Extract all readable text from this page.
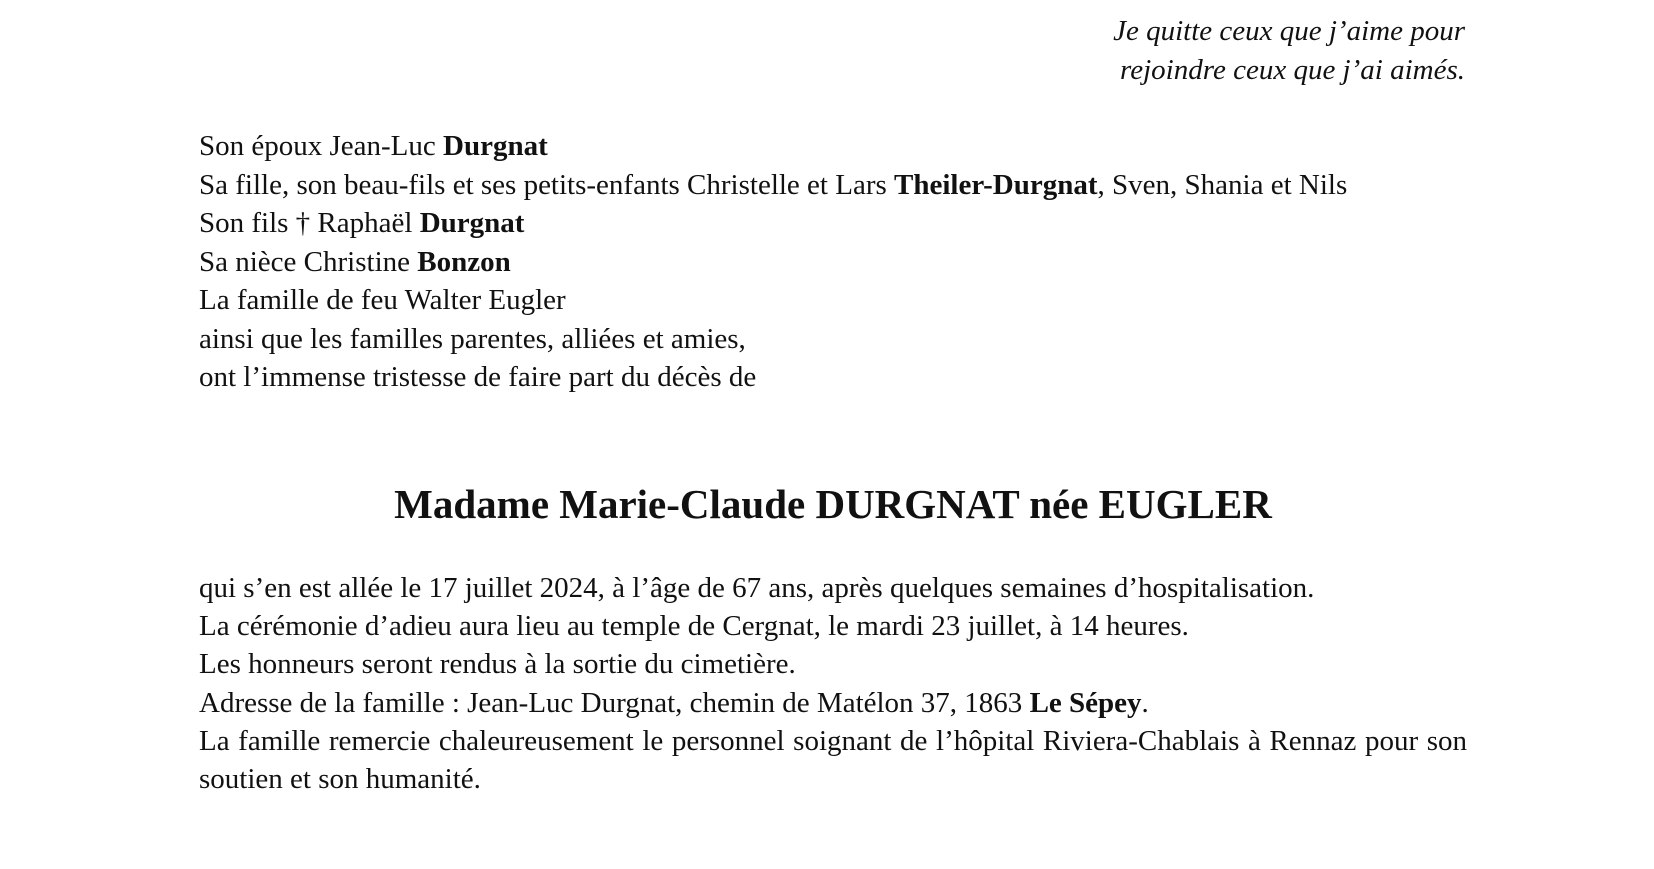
Je quitte ceux que j’aime pour
rejoindre ceux que j’ai aimés.
Son époux Jean-Luc Durgnat
Sa fille, son beau-fils et ses petits-enfants Christelle et Lars Theiler-Durgnat, Sven, Shania et Nils
Son fils † Raphaël Durgnat
Sa nièce Christine Bonzon
La famille de feu Walter Eugler
ainsi que les familles parentes, alliées et amies,
ont l’immense tristesse de faire part du décès de
Madame Marie-Claude DURGNAT née EUGLER
qui s’en est allée le 17 juillet 2024, à l’âge de 67 ans, après quelques semaines d’hospitalisation.
La cérémonie d’adieu aura lieu au temple de Cergnat, le mardi 23 juillet, à 14 heures.
Les honneurs seront rendus à la sortie du cimetière.
Adresse de la famille : Jean-Luc Durgnat, chemin de Matélon 37, 1863 Le Sépey.
La famille remercie chaleureusement le personnel soignant de l’hôpital Riviera-Chablais à Rennaz pour son soutien et son humanité.
